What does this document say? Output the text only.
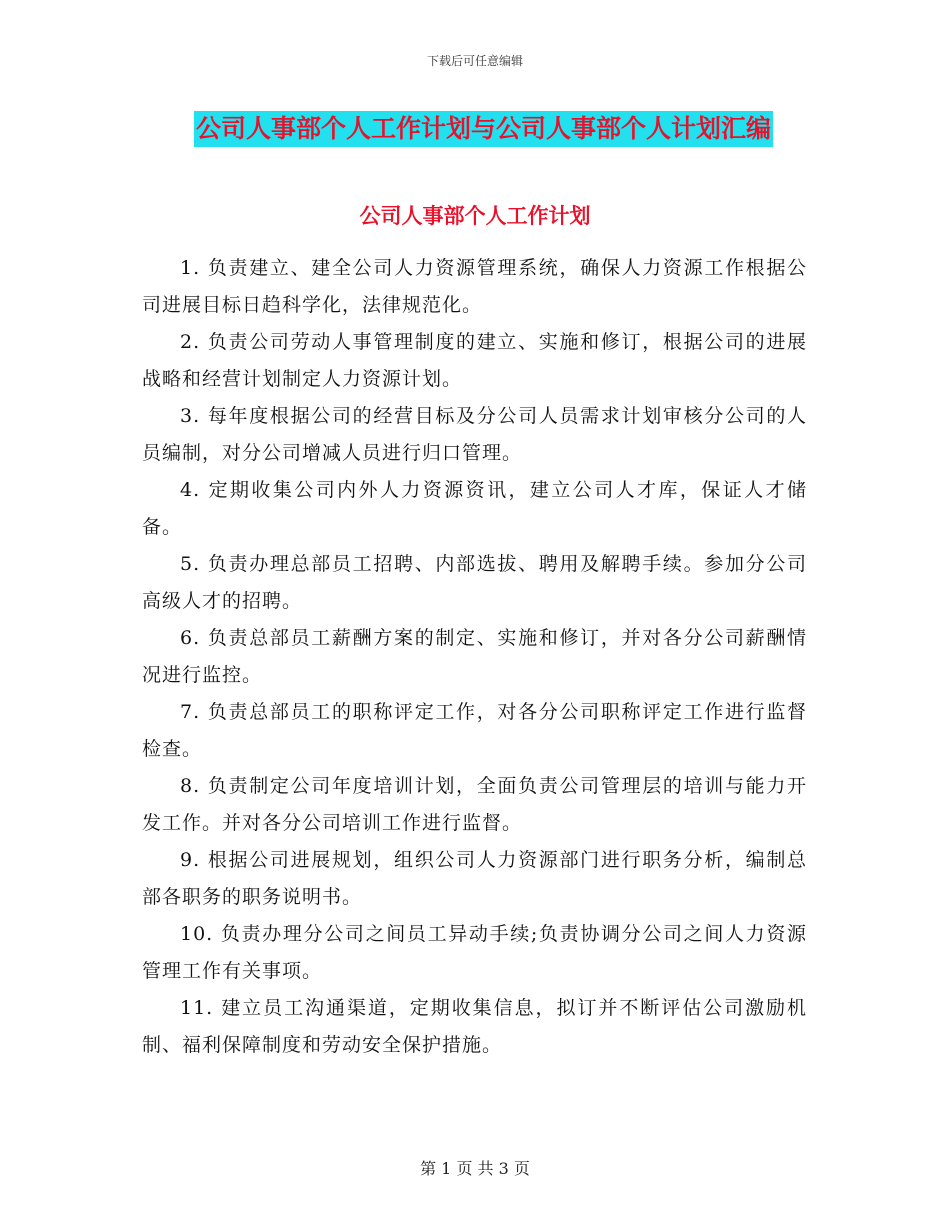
下载后可任意编辑
公司人事部个人工作计划与公司人事部个人计划汇编
公司人事部个人工作计划
1. 负责建立、建全公司人力资源管理系统，确保人力资源工作根据公司进展目标日趋科学化，法律规范化。
2. 负责公司劳动人事管理制度的建立、实施和修订，根据公司的进展战略和经营计划制定人力资源计划。
3. 每年度根据公司的经营目标及分公司人员需求计划审核分公司的人员编制，对分公司增减人员进行归口管理。
4. 定期收集公司内外人力资源资讯，建立公司人才库，保证人才储备。
5. 负责办理总部员工招聘、内部选拔、聘用及解聘手续。参加分公司高级人才的招聘。
6. 负责总部员工薪酬方案的制定、实施和修订，并对各分公司薪酬情况进行监控。
7. 负责总部员工的职称评定工作，对各分公司职称评定工作进行监督检查。
8. 负责制定公司年度培训计划，全面负责公司管理层的培训与能力开发工作。并对各分公司培训工作进行监督。
9. 根据公司进展规划，组织公司人力资源部门进行职务分析，编制总部各职务的职务说明书。
10. 负责办理分公司之间员工异动手续;负责协调分公司之间人力资源管理工作有关事项。
11. 建立员工沟通渠道，定期收集信息，拟订并不断评估公司激励机制、福利保障制度和劳动安全保护措施。
第 1 页 共 3 页
